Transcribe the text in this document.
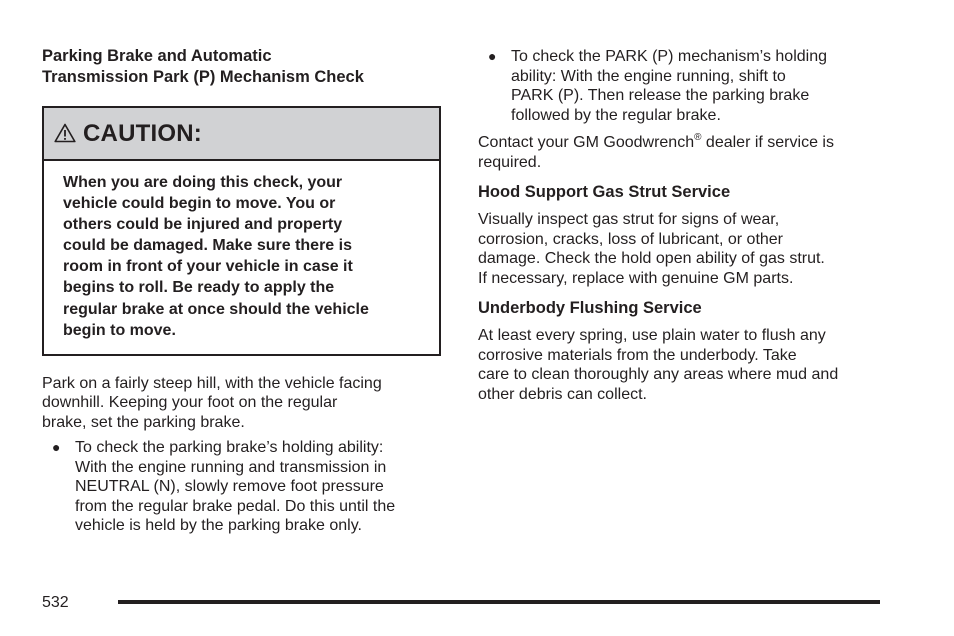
Parking Brake and Automatic
Transmission Park (P) Mechanism Check
CAUTION:
When you are doing this check, your
vehicle could begin to move. You or
others could be injured and property
could be damaged. Make sure there is
room in front of your vehicle in case it
begins to roll. Be ready to apply the
regular brake at once should the vehicle
begin to move.

Park on a fairly steep hill, with the vehicle facing
downhill. Keeping your foot on the regular
brake, set the parking brake.

● To check the parking brake’s holding ability:
With the engine running and transmission in
NEUTRAL (N), slowly remove foot pressure
from the regular brake pedal. Do this until the
vehicle is held by the parking brake only.
● To check the PARK (P) mechanism’s holding
ability: With the engine running, shift to
PARK (P). Then release the parking brake
followed by the regular brake.

Contact your GM Goodwrench® dealer if service is
required.

Hood Support Gas Strut Service

Visually inspect gas strut for signs of wear,
corrosion, cracks, loss of lubricant, or other
damage. Check the hold open ability of gas strut.
If necessary, replace with genuine GM parts.

Underbody Flushing Service

At least every spring, use plain water to flush any
corrosive materials from the underbody. Take
care to clean thoroughly any areas where mud and
other debris can collect.

532
